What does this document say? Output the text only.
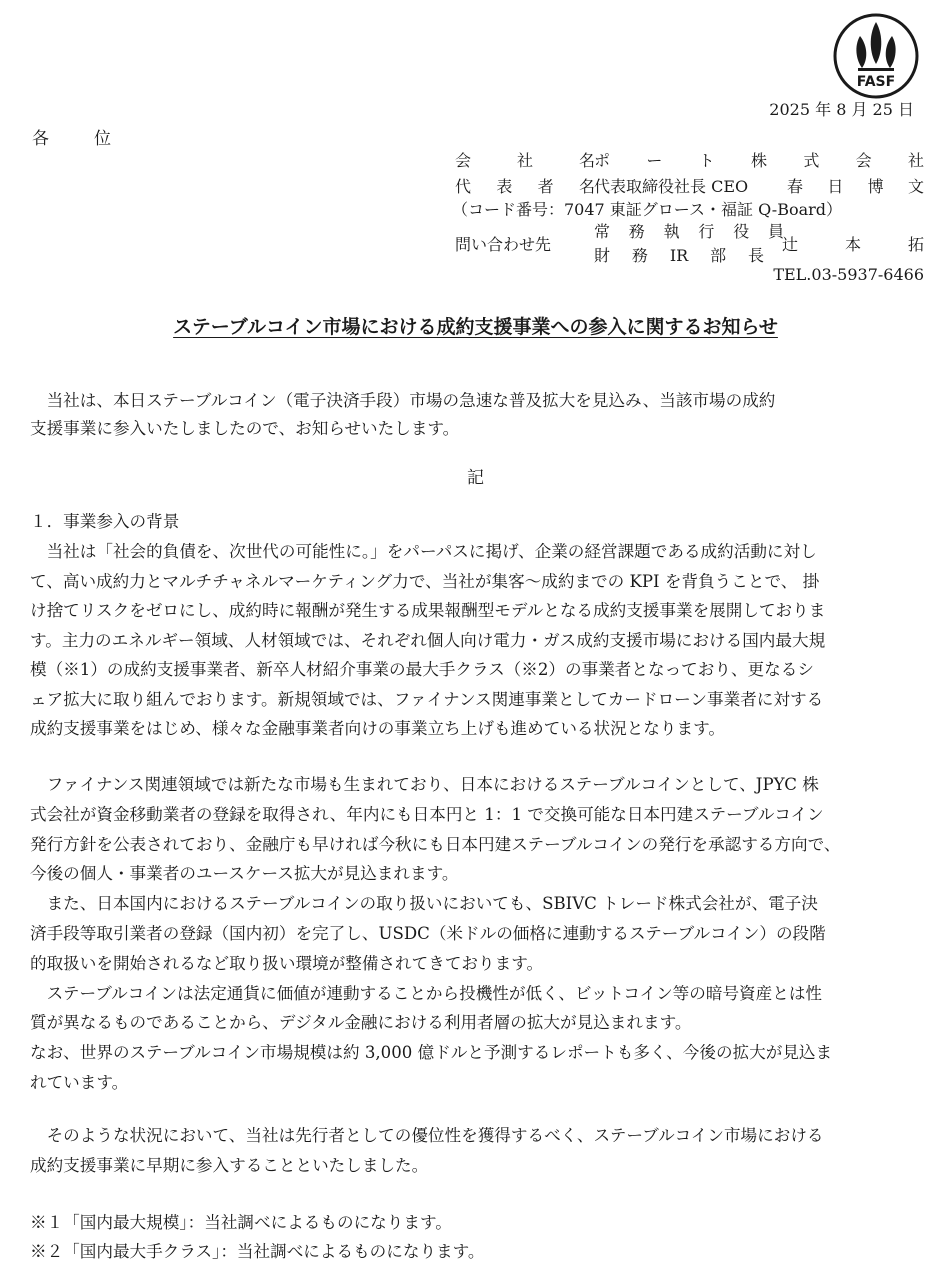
FASF
2025 年 8 月 25 日
各　位
会社名 ポート株式会社
代表者名 代表取締役社長 CEO 春日博文
（コード番号：7047 東証グロース・福証 Q-Board）
問い合わせ先
常務執行役員
財務IR部長
辻本拓
TEL.03-5937-6466
ステーブルコイン市場における成約支援事業への参入に関するお知らせ
　当社は、本日ステーブルコイン（電子決済手段）市場の急速な普及拡大を見込み、当該市場の成約
支援事業に参入いたしましたので、お知らせいたします。
記
１．事業参入の背景
　当社は「社会的負債を、次世代の可能性に。」をパーパスに掲げ、企業の経営課題である成約活動に対し
て、高い成約力とマルチチャネルマーケティング力で、当社が集客〜成約までの KPI を背負うことで、 掛
け捨てリスクをゼロにし、成約時に報酬が発生する成果報酬型モデルとなる成約支援事業を展開しておりま
す。主力のエネルギー領域、人材領域では、それぞれ個人向け電力・ガス成約支援市場における国内最大規
模（※1）の成約支援事業者、新卒人材紹介事業の最大手クラス（※2）の事業者となっており、更なるシ
ェア拡大に取り組んでおります。新規領域では、ファイナンス関連事業としてカードローン事業者に対する
成約支援事業をはじめ、様々な金融事業者向けの事業立ち上げも進めている状況となります。
　ファイナンス関連領域では新たな市場も生まれており、日本におけるステーブルコインとして、JPYC 株
式会社が資金移動業者の登録を取得され、年内にも日本円と 1：1 で交換可能な日本円建ステーブルコイン
発行方針を公表されており、金融庁も早ければ今秋にも日本円建ステーブルコインの発行を承認する方向で、
今後の個人・事業者のユースケース拡大が見込まれます。
　また、日本国内におけるステーブルコインの取り扱いにおいても、SBIVC トレード株式会社が、電子決
済手段等取引業者の登録（国内初）を完了し、USDC（米ドルの価格に連動するステーブルコイン）の段階
的取扱いを開始されるなど取り扱い環境が整備されてきております。
　ステーブルコインは法定通貨に価値が連動することから投機性が低く、ビットコイン等の暗号資産とは性
質が異なるものであることから、デジタル金融における利用者層の拡大が見込まれます。
なお、世界のステーブルコイン市場規模は約 3,000 億ドルと予測するレポートも多く、今後の拡大が見込ま
れています。
　そのような状況において、当社は先行者としての優位性を獲得するべく、ステーブルコイン市場における
成約支援事業に早期に参入することといたしました。
※１「国内最大規模」：当社調べによるものになります。
※２「国内最大手クラス」：当社調べによるものになります。
